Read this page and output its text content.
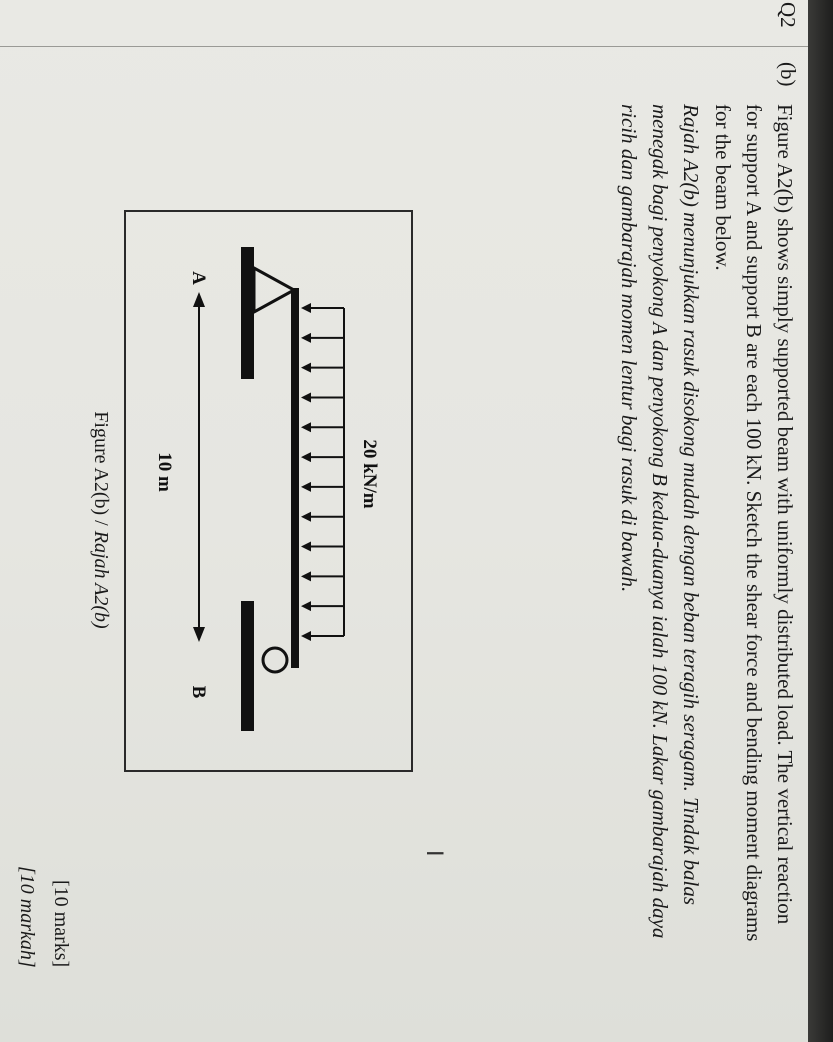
Q2
(b)

Figure A2(b) shows simply supported beam with uniformly distributed load. The vertical reaction for support A and support B are each 100 kN. Sketch the shear force and bending moment diagrams for the beam below.

Rajah A2(b) menunjukkan rasuk disokong mudah dengan beban teragih seragam. Tindak balas menegak bagi penyokong A dan penyokong B kedua-duanya ialah 100 kN. Lakar gambarajah daya ricih dan gambarajah momen lentur bagi rasuk di bawah.

20 kN/m
A
B
10 m
Figure A2(b) / Rajah A2(b)
I
[10 marks]
[10 markah]
